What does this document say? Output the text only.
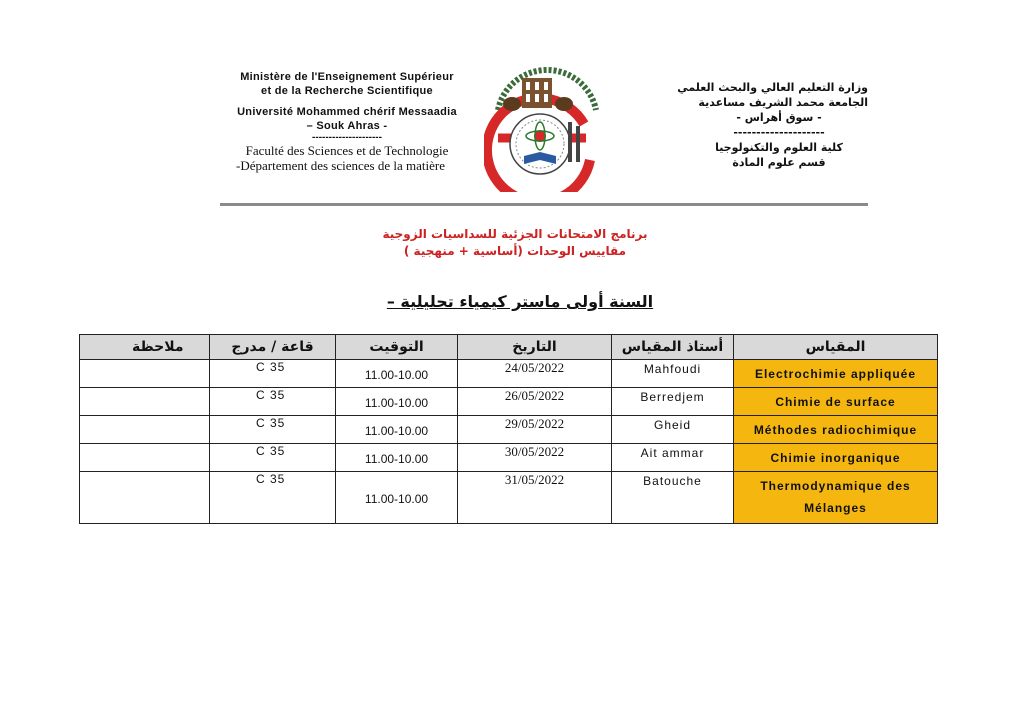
Ministère de l'Enseignement Supérieur
et de la Recherche Scientifique
Université Mohammed chérif Messaadia
– Souk Ahras -
---------------------
Faculté des Sciences et de Technologie
-Département des sciences de la matière
وزارة التعليم العالي والبحث العلمي
الجامعة محمد الشريف مساعدية
- سوق أهراس -
--------------------
كلية العلوم والتكنولوجيا
قسم علوم المادة
برنامج الامتحانات الجزئية للسداسيات الزوجية
مقاييس الوحدات (أساسية + منهجية )
السنة أولى ماستر كيمياء تحليلية –
ملاحظة	قاعة / مدرج	التوقيت	التاريخ	أستاذ المقياس	المقياس
	C 35	11.00-10.00	24/05/2022	Mahfoudi	Electrochimie appliquée
	C 35	11.00-10.00	26/05/2022	Berredjem	Chimie de surface
	C 35	11.00-10.00	29/05/2022	Gheid	Méthodes radiochimique
	C 35	11.00-10.00	30/05/2022	Ait ammar	Chimie inorganique
	C 35	11.00-10.00	31/05/2022	Batouche	Thermodynamique des Mélanges
